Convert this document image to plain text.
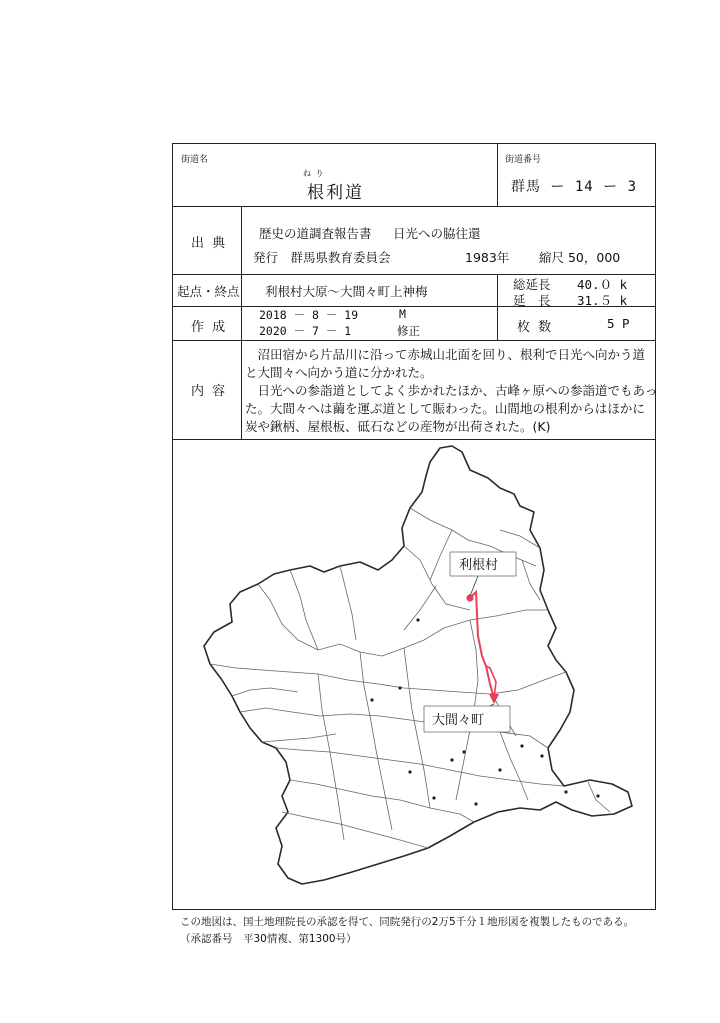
街道名
ね り
根利道
街道番号
群馬 ー 14 ー 3
出 典
歴史の道調査報告書 日光への脇往還
発行　群馬県教育委員会	1983年 縮尺 50，000
起点・終点 利根村大原～大間々町上神梅	総延長 40.０ k
延　長 31.５ k
作 成
2018 － 8 － 19	M
2020 － 7 － 1	修正	枚 数	5 P
内 容
　沼田宿から片品川に沿って赤城山北面を回り、根利で日光へ向かう道
と大間々へ向かう道に分かれた。
　日光への参詣道としてよく歩かれたほか、古峰ヶ原への参詣道でもあっ
た。大間々へは繭を運ぶ道として賑わった。山間地の根利からはほかに
炭や鍬柄、屋根板、砥石などの産物が出荷された。(K)
利根村
大間々町
この地図は、国土地理院長の承認を得て、同院発行の2万5千分１地形図を複製したものである。
（承認番号　平30情複、第1300号）
